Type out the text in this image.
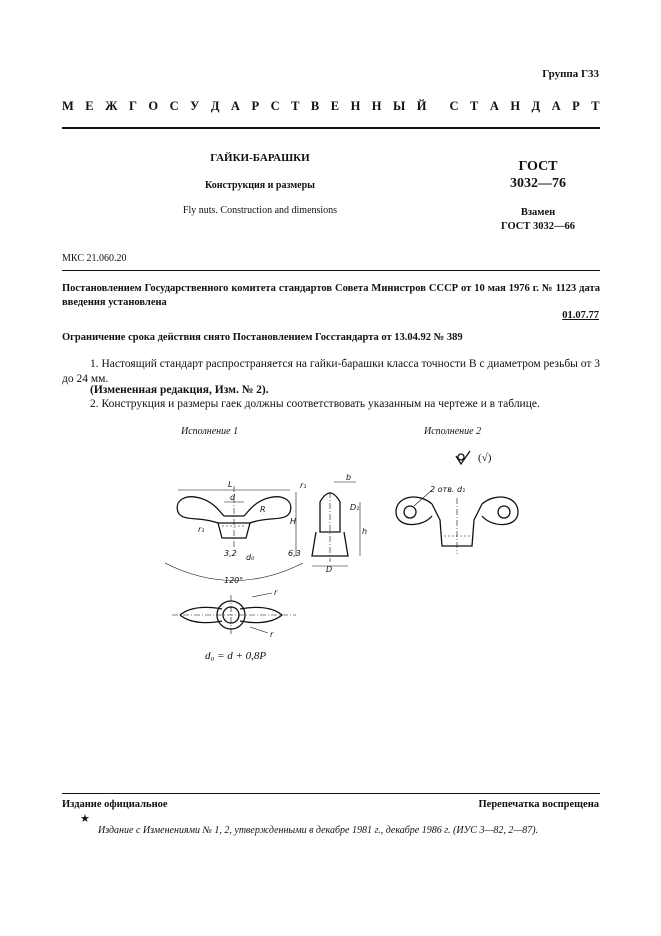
Группа Г33
М Е Ж Г О С У Д А Р С Т В Е Н Н Ы Й С Т А Н Д А Р Т
ГАЙКИ-БАРАШКИ
Конструкция и размеры
Fly nuts. Construction and dimensions
ГОСТ
3032—76
Взамен
ГОСТ 3032—66
МКС 21.060.20
Постановлением Государственного комитета стандартов Совета Министров СССР от 10 мая 1976 г. № 1123 дата введения установлена
01.07.77
Ограничение срока действия снято Постановлением Госстандарта от 13.04.92 № 389
1. Настоящий стандарт распространяется на гайки-барашки класса точности В с диаметром резьбы от 3 до 24 мм.
(Измененная редакция, Изм. № 2).
2. Конструкция и размеры гаек должны соответствовать указанным на чертеже и в таблице.
Исполнение 1	Исполнение 2
L
d
R
r₁
3,2 d₀
120°
r₁
b
D₁
H
h
6,3
D
r
r
d₀ = d + 0,8P
(√)
2 отв. d₁
Издание официальное	Перепечатка воспрещена
★
Издание с Изменениями № 1, 2, утвержденными в декабре 1981 г., декабре 1986 г. (ИУС 3—82, 2—87).
